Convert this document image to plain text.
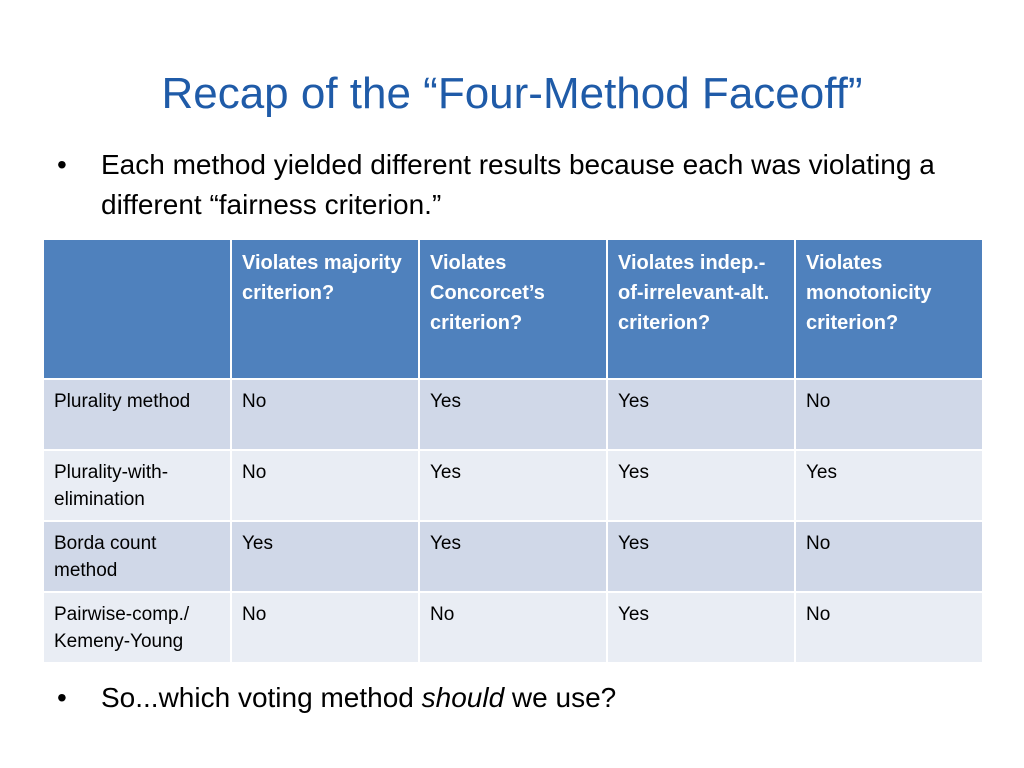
Recap of the “Four-Method Faceoff”
•	Each method yielded different results because each was violating a different “fairness criterion.”
	Violates majority criterion?	Violates Concorcet’s criterion?	Violates indep.-of-irrelevant-alt. criterion?	Violates monotonicity criterion?
Plurality method	No	Yes	Yes	No
Plurality-with-elimination	No	Yes	Yes	Yes
Borda count method	Yes	Yes	Yes	No
Pairwise-comp./ Kemeny-Young	No	No	Yes	No
•	So...which voting method should we use?
